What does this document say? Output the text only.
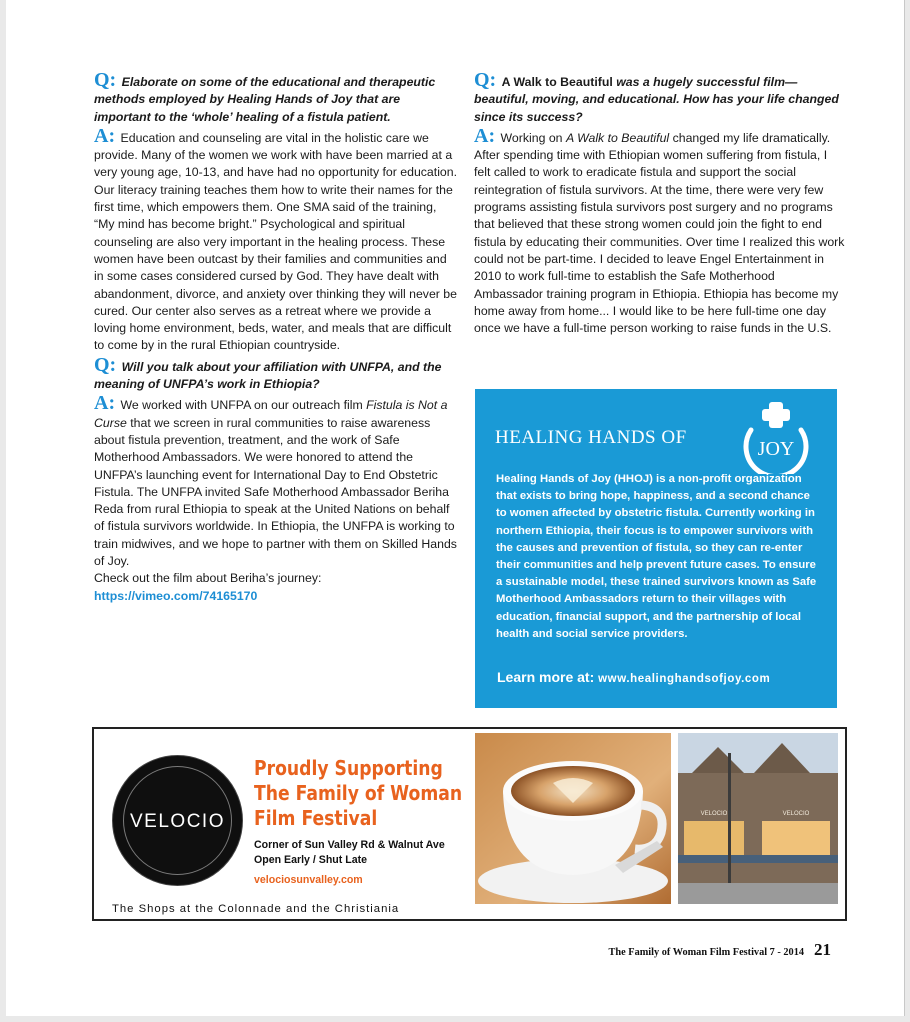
Q: Elaborate on some of the educational and therapeutic methods employed by Healing Hands of Joy that are important to the ‘whole’ healing of a fistula patient.

A: Education and counseling are vital in the holistic care we provide. Many of the women we work with have been married at a very young age, 10-13, and have had no opportunity for education. Our literacy training teaches them how to write their names for the first time, which empowers them. One SMA said of the training, “My mind has become bright.” Psychological and spiritual counseling are also very important in the healing process. These women have been outcast by their families and communities and in some cases considered cursed by God. They have dealt with abandonment, divorce, and anxiety over thinking they will never be cured. Our center also serves as a retreat where we provide a loving home environment, beds, water, and meals that are difficult to come by in the rural Ethiopian countryside.

Q: Will you talk about your affiliation with UNFPA, and the meaning of UNFPA’s work in Ethiopia?

A: We worked with UNFPA on our outreach film Fistula is Not a Curse that we screen in rural communities to raise awareness about fistula prevention, treatment, and the work of Safe Motherhood Ambassadors. We were honored to attend the UNFPA’s launching event for International Day to End Obstetric Fistula. The UNFPA invited Safe Motherhood Ambassador Beriha Reda from rural Ethiopia to speak at the United Nations on behalf of fistula survivors worldwide. In Ethiopia, the UNFPA is working to train midwives, and we hope to partner with them on Skilled Hands of Joy.
Check out the film about Beriha’s journey:
https://vimeo.com/74165170

Q: A Walk to Beautiful was a hugely successful film—beautiful, moving, and educational. How has your life changed since its success?

A: Working on A Walk to Beautiful changed my life dramatically. After spending time with Ethiopian women suffering from fistula, I felt called to work to eradicate fistula and support the social reintegration of fistula survivors. At the time, there were very few programs assisting fistula survivors post surgery and no programs that believed that these strong women could join the fight to end fistula by educating their communities. Over time I realized this work could not be part-time. I decided to leave Engel Entertainment in 2010 to work full-time to establish the Safe Motherhood Ambassador training program in Ethiopia. Ethiopia has become my home away from home... I would like to be here full-time one day once we have a full-time person working to raise funds in the U.S.

HEALING HANDS OF
JOY
Healing Hands of Joy (HHOJ) is a non-profit organization that exists to bring hope, happiness, and a second chance to women affected by obstetric fistula. Currently working in northern Ethiopia, their focus is to empower survivors with the causes and prevention of fistula, so they can re-enter their communities and help prevent future cases. To ensure a sustainable model, these trained survivors known as Safe Motherhood Ambassadors return to their villages with education, financial support, and the partnership of local health and social service providers.
Learn more at: www.healinghandsofjoy.com
VELOCIO
Proudly Supporting
The Family of Woman
Film Festival
Corner of Sun Valley Rd & Walnut Ave
Open Early / Shut Late
velociosunvalley.com
The Shops at the Colonnade and the Christiania
VELOCIO	VELOCIO
The Family of Woman Film Festival 7 - 2014 21
